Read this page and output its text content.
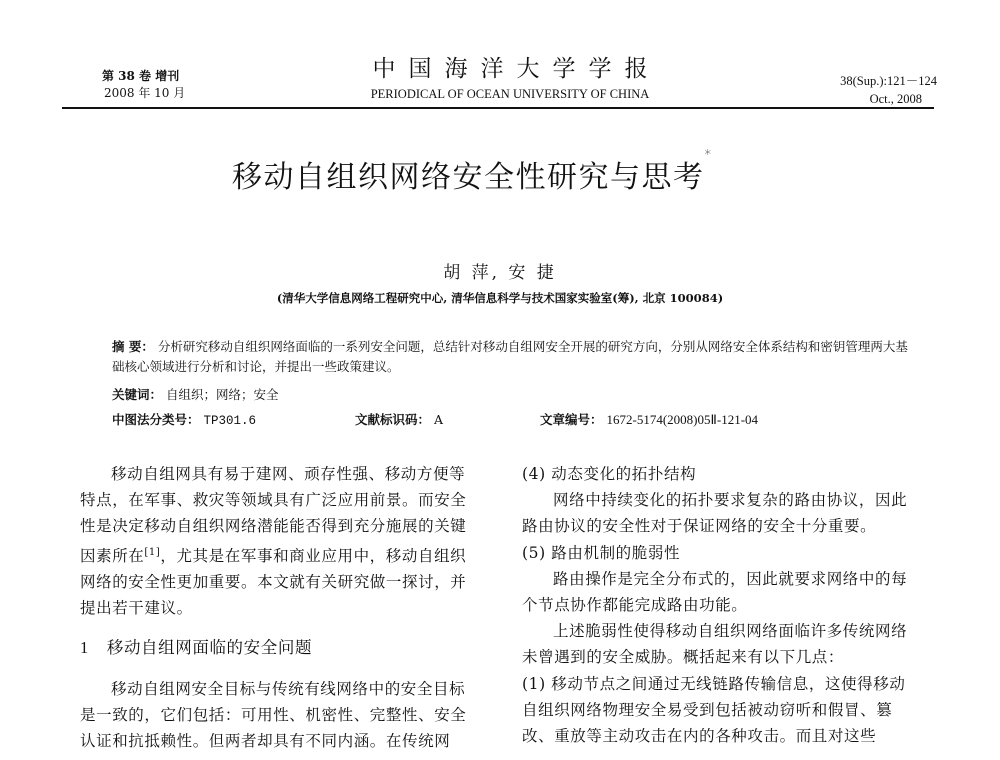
第 38 卷 增刊
2008 年 10 月
中国海洋大学学报
PERIODICAL OF OCEAN UNIVERSITY OF CHINA
38(Sup.):121－124
Oct., 2008
移动自组织网络安全性研究与思考*
胡 萍, 安 捷
(清华大学信息网络工程研究中心, 清华信息科学与技术国家实验室(筹), 北京 100084)
摘 要： 分析研究移动自组织网络面临的一系列安全问题，总结针对移动自组网安全开展的研究方向，分别从网络安全体系结构和密钥管理两大基础核心领域进行分析和讨论，并提出一些政策建议。
关键词： 自组织；网络；安全
中图法分类号： TP301.6	文献标识码： A	文章编号： 1672-5174(2008)05Ⅱ-121-04

移动自组网具有易于建网、顽存性强、移动方便等特点，在军事、救灾等领域具有广泛应用前景。而安全性是决定移动自组织网络潜能能否得到充分施展的关键因素所在[1]，尤其是在军事和商业应用中，移动自组织网络的安全性更加重要。本文就有关研究做一探讨，并提出若干建议。

1 移动自组网面临的安全问题

移动自组网安全目标与传统有线网络中的安全目标是一致的，它们包括：可用性、机密性、完整性、安全认证和抗抵赖性。但两者却具有不同内涵。在传统网

(4) 动态变化的拓扑结构

网络中持续变化的拓扑要求复杂的路由协议，因此路由协议的安全性对于保证网络的安全十分重要。

(5) 路由机制的脆弱性

路由操作是完全分布式的，因此就要求网络中的每个节点协作都能完成路由功能。

上述脆弱性使得移动自组织网络面临许多传统网络未曾遇到的安全威胁。概括起来有以下几点：

(1) 移动节点之间通过无线链路传输信息，这使得移动自组织网络物理安全易受到包括被动窃听和假冒、篡改、重放等主动攻击在内的各种攻击。而且对这些
